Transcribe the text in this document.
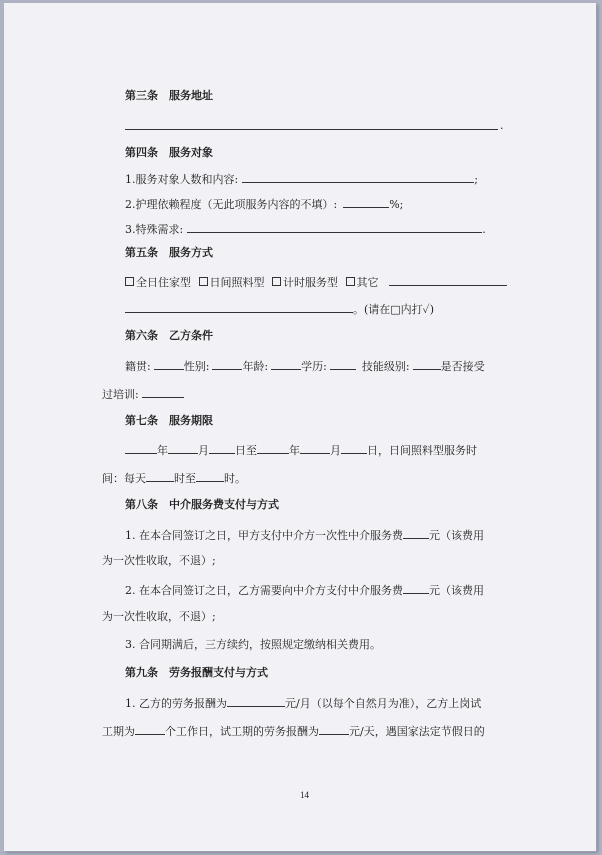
第三条　服务地址
.
第四条　服务对象
1.服务对象人数和内容:	;
2.护理依赖程度（无此项服务内容的不填）:	%;
3.特殊需求:	.
第五条　服务方式
全日住家型 日间照料型 计时服务型 其它
。(请在□内打✓)
第六条　乙方条件
籍贯:	性别:	年龄:	学历:	技能级别:	是否接受
过培训:
第七条　服务期限
年	月 日至	年	月 日，日间照料型服务时
间：每天	时至	时。
第八条　中介服务费支付与方式
1. 在本合同签订之日，甲方支付中介方一次性中介服务费 元（该费用
为一次性收取，不退）;
2. 在本合同签订之日，乙方需要向中介方支付中介服务费 元（该费用
为一次性收取，不退）;
3. 合同期满后，三方续约，按照规定缴纳相关费用。
第九条　劳务报酬支付与方式
1. 乙方的劳务报酬为	元/月（以每个自然月为准），乙方上岗试
工期为	个工作日，试工期的劳务报酬为	元/天，遇国家法定节假日的
14
